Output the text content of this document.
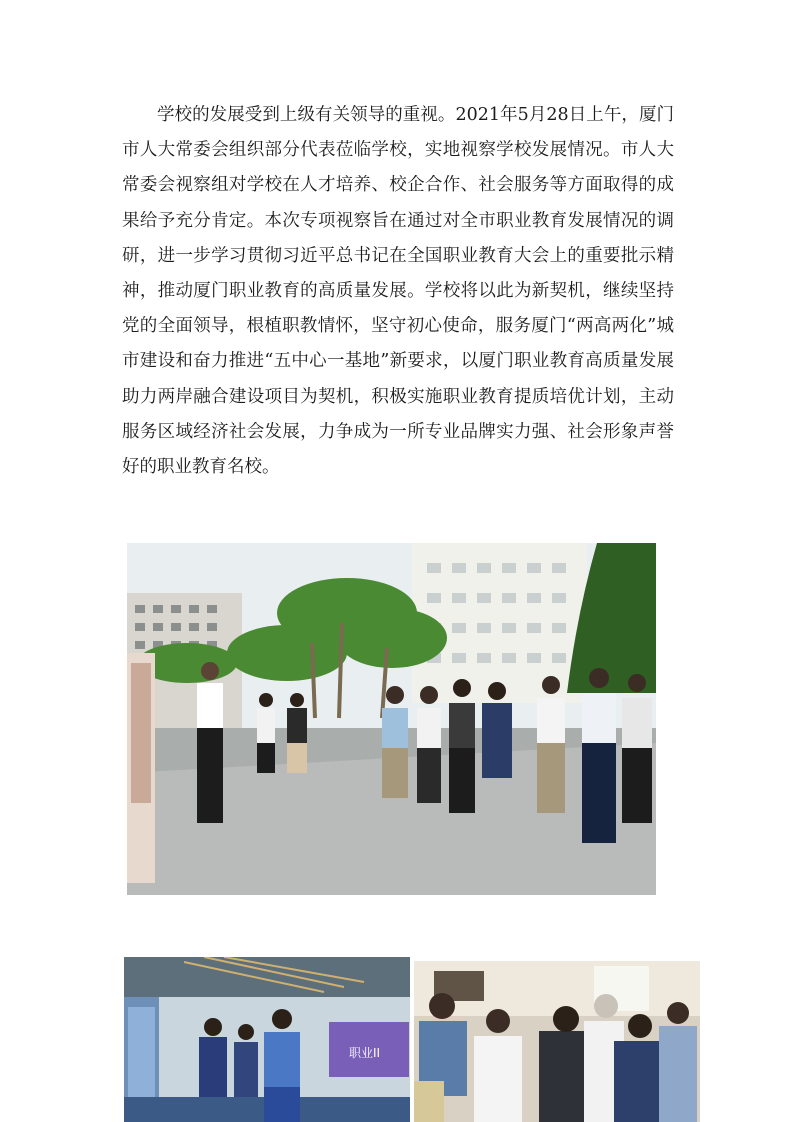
学校的发展受到上级有关领导的重视。2021年5月28日上午，厦门市人大常委会组织部分代表莅临学校，实地视察学校发展情况。市人大常委会视察组对学校在人才培养、校企合作、社会服务等方面取得的成果给予充分肯定。本次专项视察旨在通过对全市职业教育发展情况的调研，进一步学习贯彻习近平总书记在全国职业教育大会上的重要批示精神，推动厦门职业教育的高质量发展。学校将以此为新契机，继续坚持党的全面领导，根植职教情怀，坚守初心使命，服务厦门“两高两化”城市建设和奋力推进“五中心一基地”新要求，以厦门职业教育高质量发展助力两岸融合建设项目为契机，积极实施职业教育提质培优计划，主动服务区域经济社会发展，力争成为一所专业品牌实力强、社会形象声誉好的职业教育名校。

职业II
